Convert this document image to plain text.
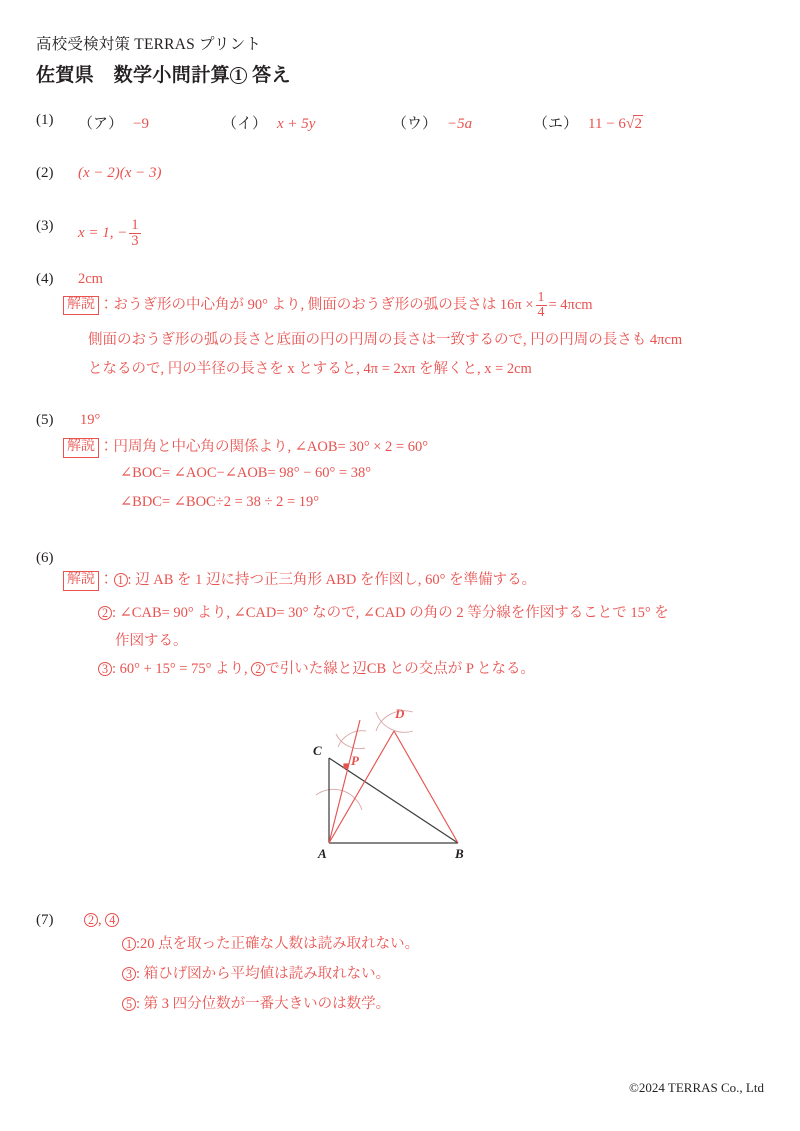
高校受検対策 TERRAS プリント
佐賀県　数学小問計算 1 答え
(1) （ア） −9	（イ） x + 5y	（ウ） −5a	（エ） 11 − 6√2
(2) (x − 2)(x − 3)
(3) x = 1, − $\frac{1}{3}$
(4) 2cm
解説 ：おうぎ形の中心角が 90° より, 側面のおうぎ形の弧の長さは $16\pi \times \frac{1}{4} = 4\pi cm$
側面のおうぎ形の弧の長さと底面の円の円周の長さは一致するので, 円の円周の長さも 4πcm
となるので, 円の半径の長さを x とすると, 4π = 2xπ を解くと, x = 2cm
(5) 19°
解説 ：円周角と中心角の関係より, ∠AOB= 30° × 2 = 60°
∠BOC= ∠AOC−∠AOB= 98° − 60° = 38°
∠BDC= ∠BOC÷2 = 38 ÷ 2 = 19°
(6)
解説 ： 1 : 辺 AB を 1 辺に持つ正三角形 ABD を作図し, 60° を準備する。
2 : ∠CAB= 90° より, ∠CAD= 30° なので, ∠CAD の角の 2 等分線を作図することで 15° を
作図する。
3 : 60° + 15° = 75° より, 2 で引いた線と辺CB との交点が P となる。
A	B
C
D
P
(7)	2 , 4
1 :20 点を取った正確な人数は読み取れない。
3 : 箱ひげ図から平均値は読み取れない。
5 : 第 3 四分位数が一番大きいのは数学。
©2024 TERRAS Co., Ltd
